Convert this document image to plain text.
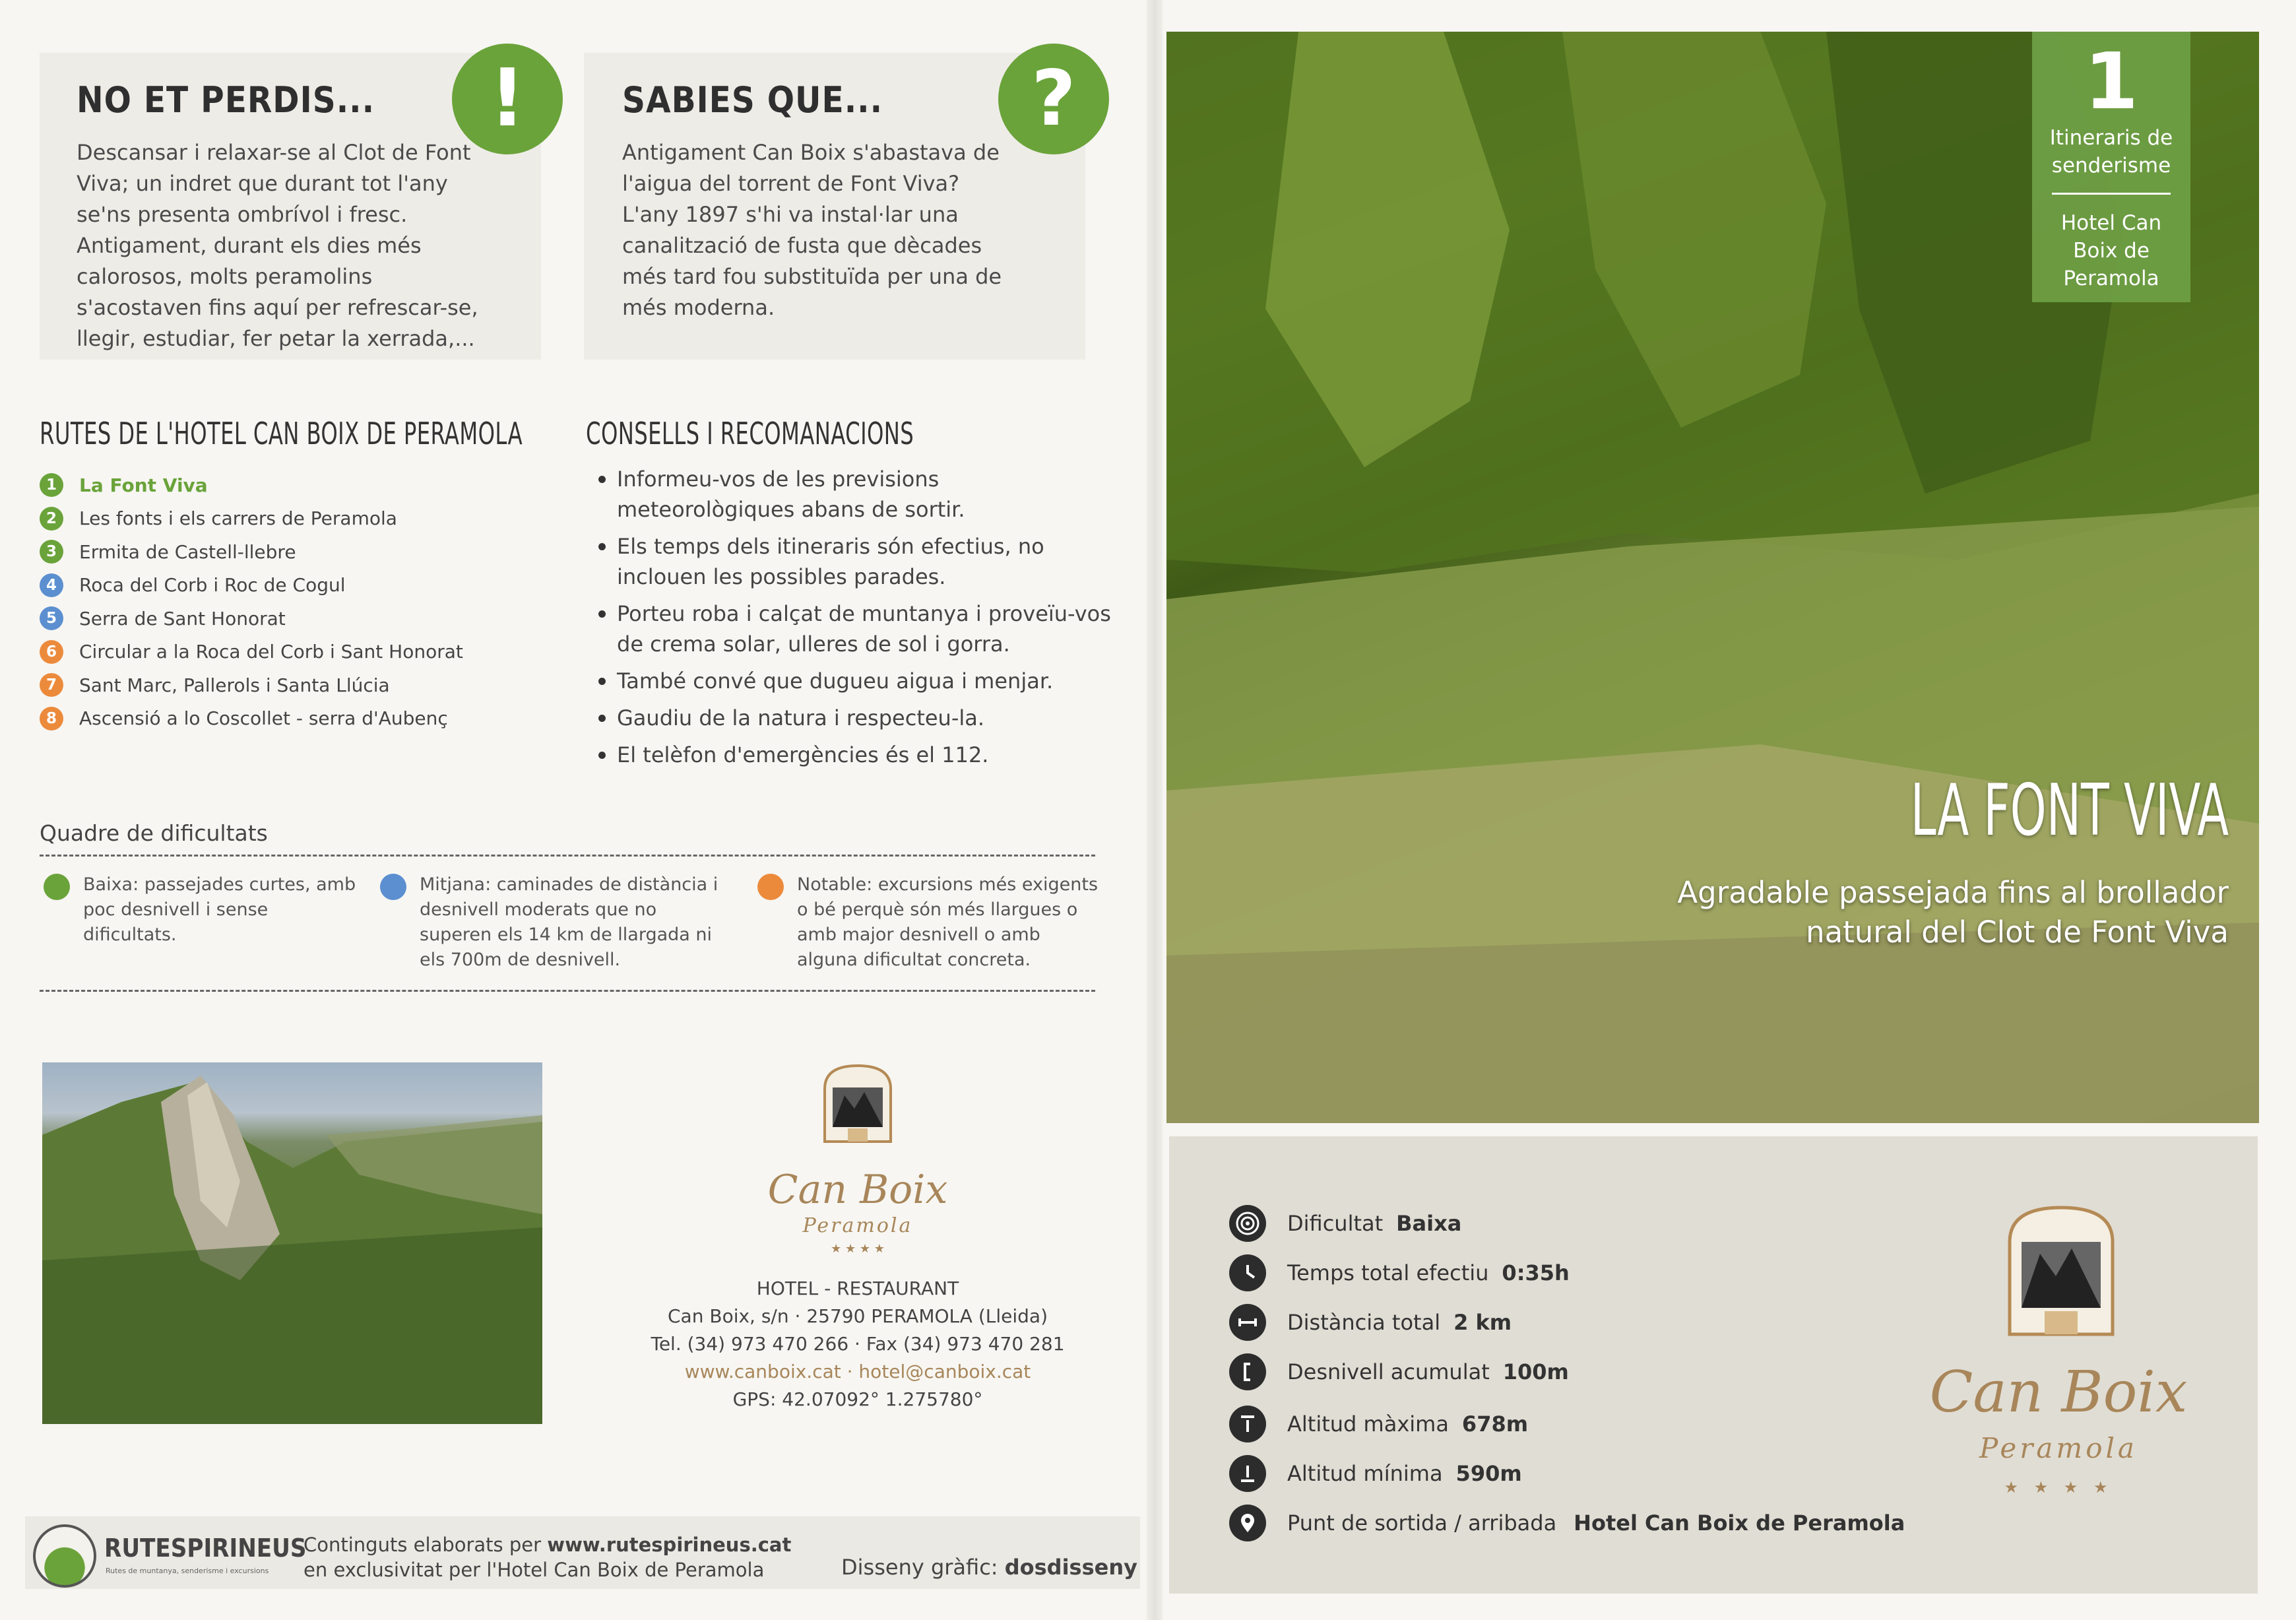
NO ET PERDIS...
Descansar i relaxar-se al Clot de Font Viva; un indret que durant tot l'any se'ns presenta ombrívol i fresc. Antigament, durant els dies més calorosos, molts peramolins s'acostaven fins aquí per refrescar-se, llegir, estudiar, fer petar la xerrada,...
!	SABIES QUE...
Antigament Can Boix s'abastava de l'aigua del torrent de Font Viva? L'any 1897 s'hi va instal·lar una canalització de fusta que dècades més tard fou substituïda per una de més moderna.
?
RUTES DE L'HOTEL CAN BOIX DE PERAMOLA
1	La Font Viva
2	Les fonts i els carrers de Peramola
3	Ermita de Castell-llebre
4	Roca del Corb i Roc de Cogul
5	Serra de Sant Honorat
6	Circular a la Roca del Corb i Sant Honorat
7	Sant Marc, Pallerols i Santa Llúcia
8	Ascensió a lo Coscollet - serra d'Aubenç
CONSELLS I RECOMANACIONS
Informeu-vos de les previsions meteorològiques abans de sortir.
Els temps dels itineraris són efectius, no inclouen les possibles parades.
Porteu roba i calçat de muntanya i proveïu-vos de crema solar, ulleres de sol i gorra.
També convé que dugueu aigua i menjar.
Gaudiu de la natura i respecteu-la.
El telèfon d'emergències és el 112.
Quadre de dificultats
Baixa: passejades curtes, amb poc desnivell i sense dificultats.
Mitjana: caminades de distància i desnivell moderats que no superen els 14 km de llargada ni els 700m de desnivell.
Notable: excursions més exigents o bé perquè són més llargues o amb major desnivell o amb alguna dificultat concreta.
Can Boix
Peramola
★ ★ ★ ★
HOTEL - RESTAURANT
Can Boix, s/n · 25790 PERAMOLA (Lleida)
Tel. (34) 973 470 266 · Fax (34) 973 470 281
www.canboix.cat · hotel@canboix.cat
GPS: 42.07092° 1.275780°
RUTESPIRINEUS
Rutes de muntanya, senderisme i excursions
Continguts elaborats per www.rutespirineus.cat
en exclusivitat per l'Hotel Can Boix de Peramola	Disseny gràfic: dosdisseny
1
Itineraris de senderisme
Hotel Can Boix de Peramola
LA FONT VIVA
Agradable passejada fins al brollador
natural del Clot de Font Viva
Dificultat Baixa
Temps total efectiu 0:35h
Distància total 2 km
Desnivell acumulat 100m
Altitud màxima 678m
Altitud mínima 590m
Punt de sortida / arribada Hotel Can Boix de Peramola
Can Boix
Peramola
★ ★ ★ ★
